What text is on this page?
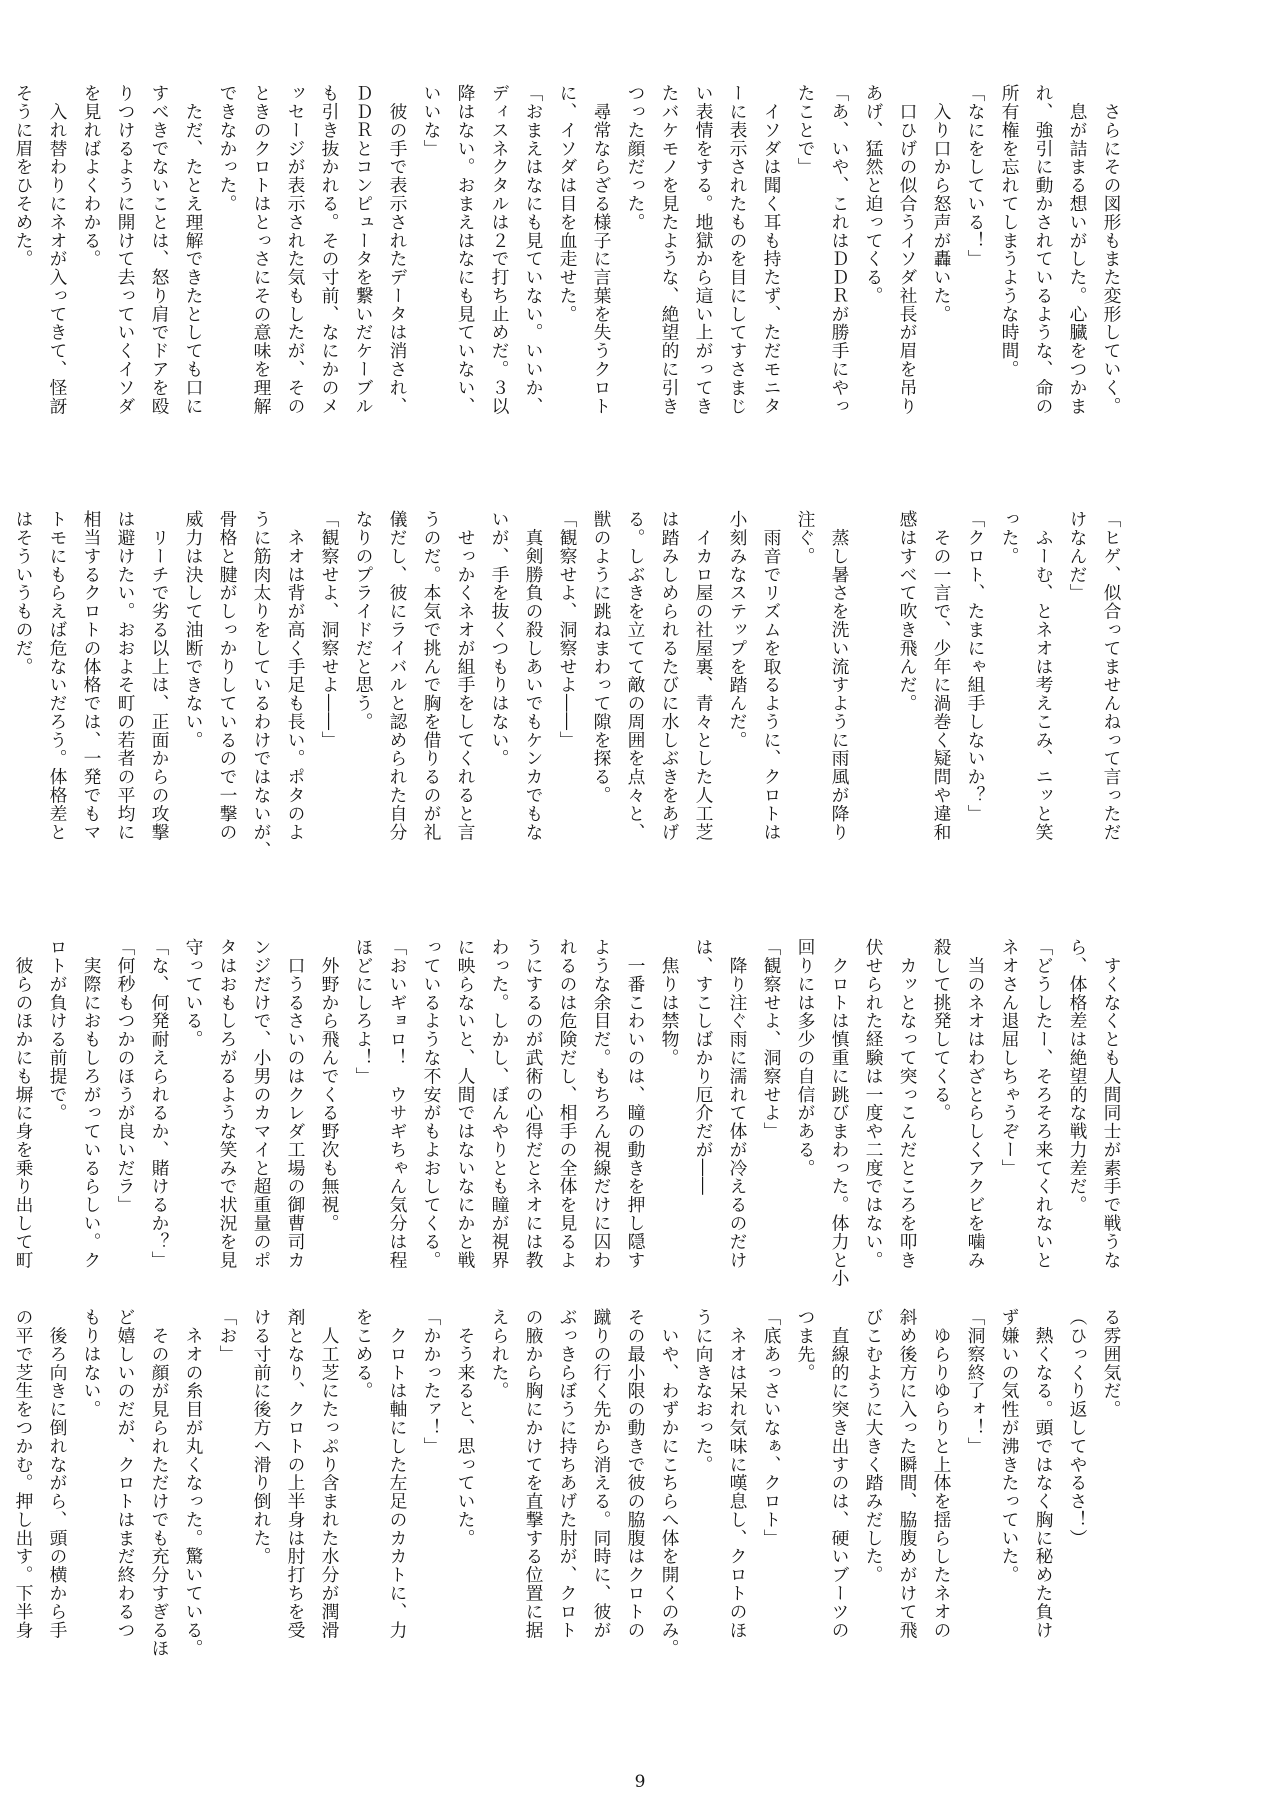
　さらにその図形もまた変形していく。

　息が詰まる想いがした。心臓をつかま

れ、強引に動かされているような、命の

所有権を忘れてしまうような時間。

「なにをしている！」

　入り口から怒声が轟いた。

　口ひげの似合うイソダ社長が眉を吊り

あげ、猛然と迫ってくる。

「あ、いや、これはＤＤＲが勝手にやっ

たことで」

　イソダは聞く耳も持たず、ただモニタ

ーに表示されたものを目にしてすさまじ

い表情をする。地獄から這い上がってき

たバケモノを見たような、絶望的に引き

つった顔だった。

　尋常ならざる様子に言葉を失うクロト

に、イソダは目を血走せた。

「おまえはなにも見ていない。いいか、

ディスネクタルは２で打ち止めだ。３以

降はない。おまえはなにも見ていない、

いいな」

　彼の手で表示されたデータは消され、

ＤＤＲとコンピュータを繋いだケーブル

も引き抜かれる。その寸前、なにかのメ

ッセージが表示された気もしたが、その

ときのクロトはとっさにその意味を理解

できなかった。

　ただ、たとえ理解できたとしても口に

すべきでないことは、怒り肩でドアを殴

りつけるように開けて去っていくイソダ

を見ればよくわかる。

　入れ替わりにネオが入ってきて、怪訝

そうに眉をひそめた。

「ヒゲ、似合ってませんねって言っただ

けなんだ」

　ふーむ、とネオは考えこみ、ニッと笑

った。

「クロト、たまにゃ組手しないか？」

　その一言で、少年に渦巻く疑問や違和

感はすべて吹き飛んだ。

　蒸し暑さを洗い流すように雨風が降り

注ぐ。

　雨音でリズムを取るように、クロトは

小刻みなステップを踏んだ。

　イカロ屋の社屋裏、青々とした人工芝

は踏みしめられるたびに水しぶきをあげ

る。しぶきを立てて敵の周囲を点々と、

獣のように跳ねまわって隙を探る。

「観察せよ、洞察せよ――」

　真剣勝負の殺しあいでもケンカでもな

いが、手を抜くつもりはない。

　せっかくネオが組手をしてくれると言

うのだ。本気で挑んで胸を借りるのが礼

儀だし、彼にライバルと認められた自分

なりのプライドだと思う。

「観察せよ、洞察せよ――」

　ネオは背が高く手足も長い。ポタのよ

うに筋肉太りをしているわけではないが、

骨格と腱がしっかりしているので一撃の

威力は決して油断できない。

　リーチで劣る以上は、正面からの攻撃

は避けたい。おおよそ町の若者の平均に

相当するクロトの体格では、一発でもマ

トモにもらえば危ないだろう。体格差と

はそういうものだ。

　すくなくとも人間同士が素手で戦うな

ら、体格差は絶望的な戦力差だ。

「どうしたー、そろそろ来てくれないと

ネオさん退屈しちゃうぞー」

　当のネオはわざとらしくアクビを噛み

殺して挑発してくる。

　カッとなって突っこんだところを叩き

伏せられた経験は一度や二度ではない。

　クロトは慎重に跳びまわった。体力と小

回りには多少の自信がある。

「観察せよ、洞察せよ」

　降り注ぐ雨に濡れて体が冷えるのだけ

は、すこしばかり厄介だが――

　焦りは禁物。

　一番こわいのは、瞳の動きを押し隠す

ような余目だ。もちろん視線だけに囚わ

れるのは危険だし、相手の全体を見るよ

うにするのが武術の心得だとネオには教

わった。しかし、ぼんやりとも瞳が視界

に映らないと、人間ではないなにかと戦

っているような不安がもよおしてくる。

「おいギョロ！　ウサギちゃん気分は程

ほどにしろよ！」

　外野から飛んでくる野次も無視。

　口うるさいのはクレダ工場の御曹司カ

ンジだけで、小男のカマイと超重量のポ

タはおもしろがるような笑みで状況を見

守っている。

「な、何発耐えられるか、賭けるか？」

「何秒もつかのほうが良いだラ」

　実際におもしろがっているらしい。ク

ロトが負ける前提で。

　彼らのほかにも塀に身を乗り出して町

る雰囲気だ。

（ひっくり返してやるさ！）

　熱くなる。頭ではなく胸に秘めた負け

ず嫌いの気性が沸きたっていた。

「洞察終了ォ！」

　ゆらりゆらりと上体を揺らしたネオの

斜め後方に入った瞬間、脇腹めがけて飛

びこむように大きく踏みだした。

　直線的に突き出すのは、硬いブーツの

つま先。

「底あっさいなぁ、クロト」

　ネオは呆れ気味に嘆息し、クロトのほ

うに向きなおった。

　いや、わずかにこちらへ体を開くのみ。

その最小限の動きで彼の脇腹はクロトの

蹴りの行く先から消える。同時に、彼が

ぶっきらぼうに持ちあげた肘が、クロト

の腋から胸にかけてを直撃する位置に据

えられた。

　そう来ると、思っていた。

「かかったァ！」

　クロトは軸にした左足のカカトに、力

をこめる。

　人工芝にたっぷり含まれた水分が潤滑

剤となり、クロトの上半身は肘打ちを受

ける寸前に後方へ滑り倒れた。

「お」

　ネオの糸目が丸くなった。驚いている。

　その顔が見られただけでも充分すぎるほ

ど嬉しいのだが、クロトはまだ終わるつ

もりはない。

　後ろ向きに倒れながら、頭の横から手

の平で芝生をつかむ。押し出す。下半身

9
